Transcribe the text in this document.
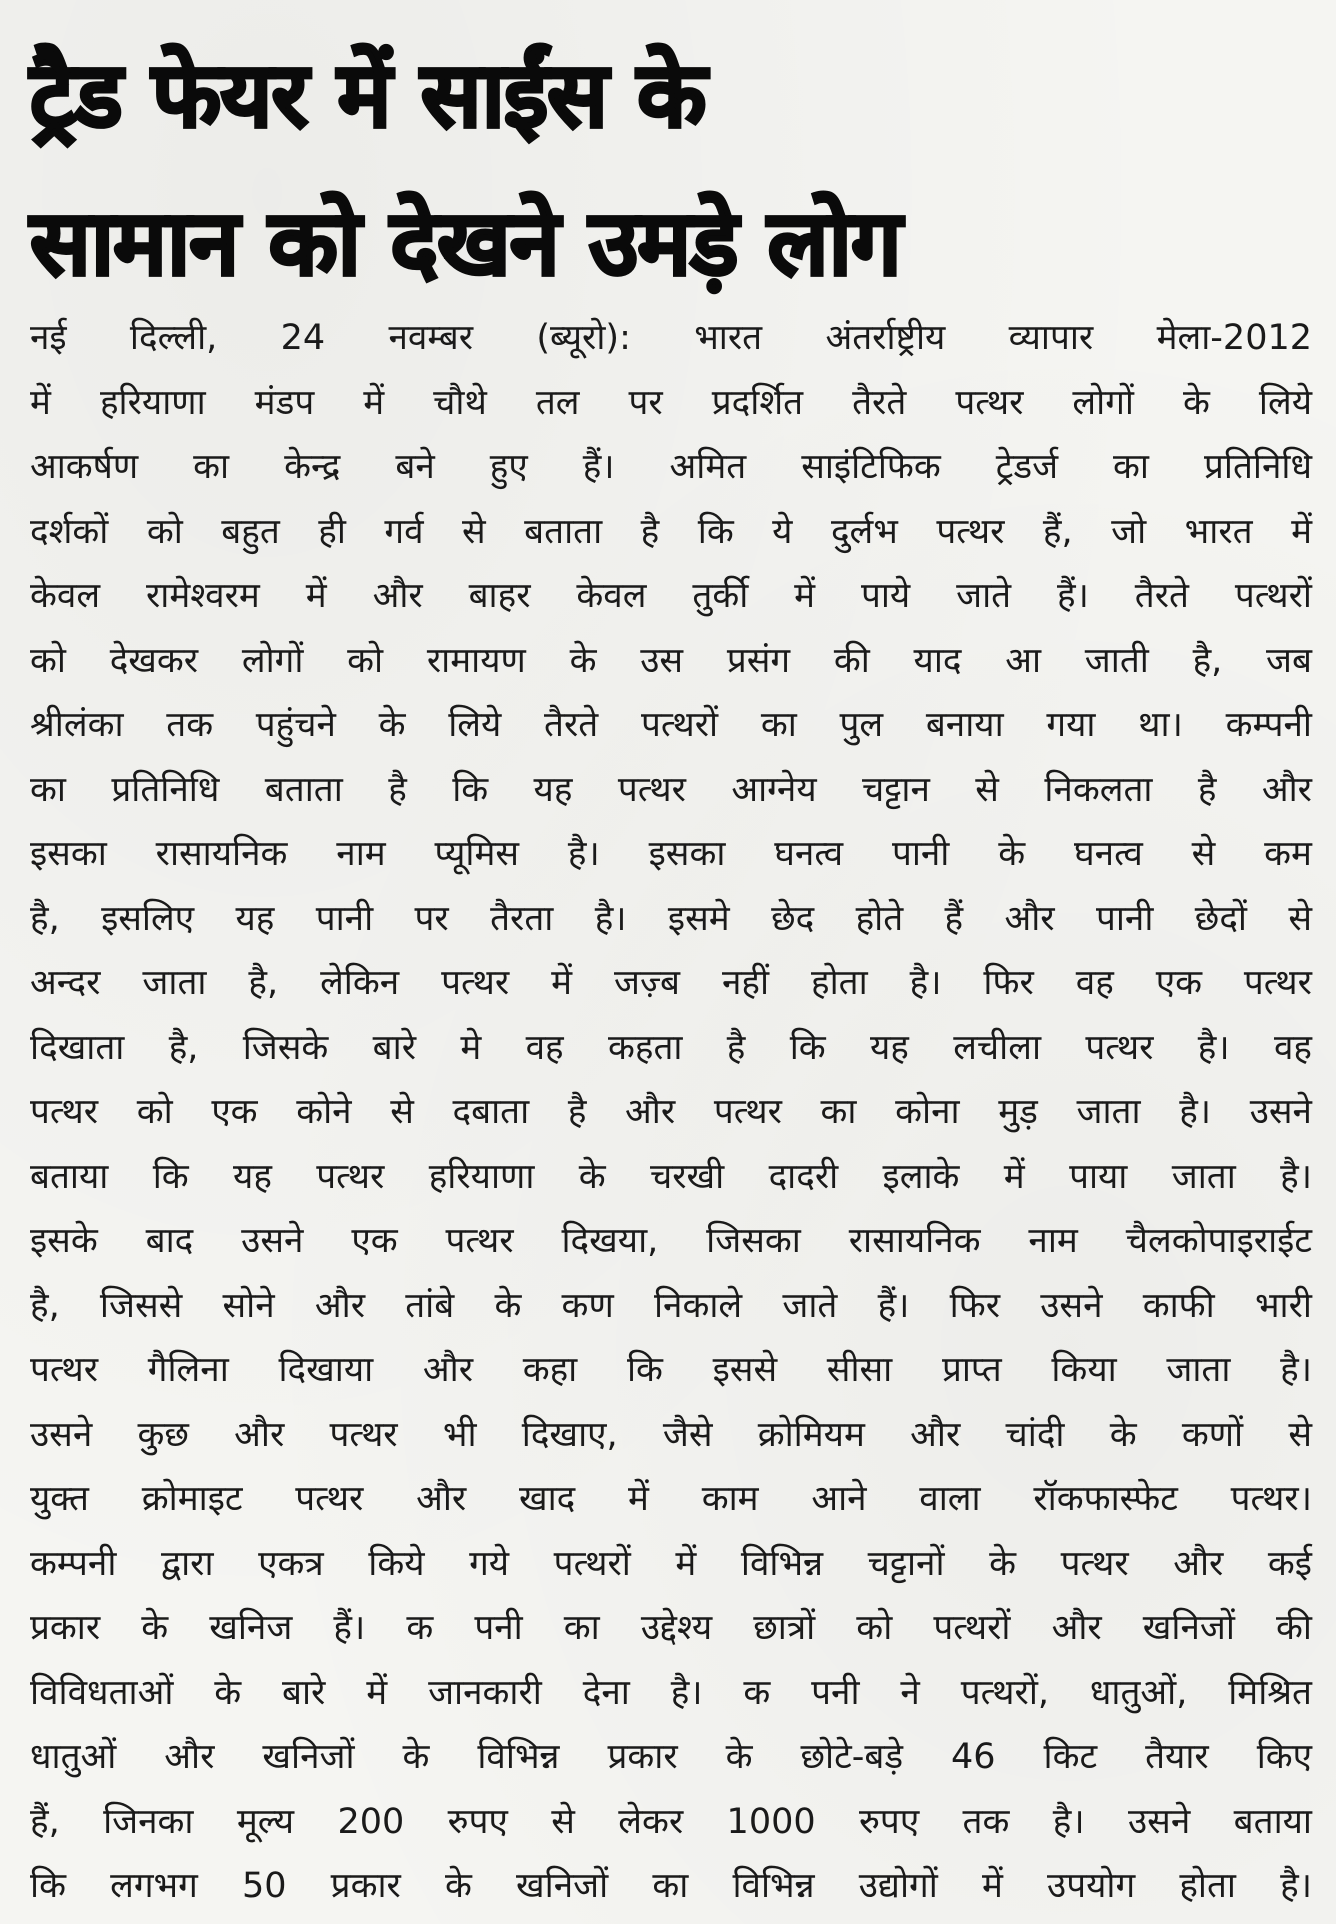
ट्रैड फेयर में साईंस के
सामान को देखने उमड़े लोग
नई दिल्ली, 24 नवम्बर (ब्यूरो): भारत अंतर्राष्ट्रीय व्यापार मेला-2012
में हरियाणा मंडप में चौथे तल पर प्रदर्शित तैरते पत्थर लोगों के लिये
आकर्षण का केन्द्र बने हुए हैं। अमित साइंटिफिक ट्रेडर्ज का प्रतिनिधि
दर्शकों को बहुत ही गर्व से बताता है कि ये दुर्लभ पत्थर हैं, जो भारत में
केवल रामेश्वरम में और बाहर केवल तुर्की में पाये जाते हैं। तैरते पत्थरों
को देखकर लोगों को रामायण के उस प्रसंग की याद आ जाती है, जब
श्रीलंका तक पहुंचने के लिये तैरते पत्थरों का पुल बनाया गया था। कम्पनी
का प्रतिनिधि बताता है कि यह पत्थर आग्नेय चट्टान से निकलता है और
इसका रासायनिक नाम प्यूमिस है। इसका घनत्व पानी के घनत्व से कम
है, इसलिए यह पानी पर तैरता है। इसमे छेद होते हैं और पानी छेदों से
अन्दर जाता है, लेकिन पत्थर में जज़्ब नहीं होता है। फिर वह एक पत्थर
दिखाता है, जिसके बारे मे वह कहता है कि यह लचीला पत्थर है। वह
पत्थर को एक कोने से दबाता है और पत्थर का कोना मुड़ जाता है। उसने
बताया कि यह पत्थर हरियाणा के चरखी दादरी इलाके में पाया जाता है।
इसके बाद उसने एक पत्थर दिखया, जिसका रासायनिक नाम चैलकोपाइराईट
है, जिससे सोने और तांबे के कण निकाले जाते हैं। फिर उसने काफी भारी
पत्थर गैलिना दिखाया और कहा कि इससे सीसा प्राप्त किया जाता है।
उसने कुछ और पत्थर भी दिखाए, जैसे क्रोमियम और चांदी के कणों से
युक्त क्रोमाइट पत्थर और खाद में काम आने वाला रॉकफास्फेट पत्थर।
कम्पनी द्वारा एकत्र किये गये पत्थरों में विभिन्न चट्टानों के पत्थर और कई
प्रकार के खनिज हैं। क पनी का उद्देश्य छात्रों को पत्थरों और खनिजों की
विविधताओं के बारे में जानकारी देना है। क पनी ने पत्थरों, धातुओं, मिश्रित
धातुओं और खनिजों के विभिन्न प्रकार के छोटे-बड़े 46 किट तैयार किए
हैं, जिनका मूल्य 200 रुपए से लेकर 1000 रुपए तक है। उसने बताया
कि लगभग 50 प्रकार के खनिजों का विभिन्न उद्योगों में उपयोग होता है।
